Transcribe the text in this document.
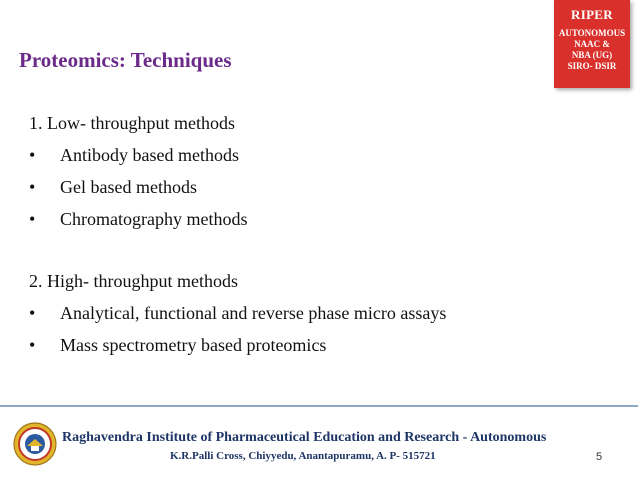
RIPER
AUTONOMOUS
NAAC &
NBA (UG)
SIRO- DSIR
Proteomics: Techniques
1. Low- throughput methods
• Antibody based methods
• Gel based methods
• Chromatography methods
2. High- throughput methods
• Analytical, functional and reverse phase micro assays
• Mass spectrometry based proteomics
Raghavendra Institute of Pharmaceutical Education and Research - Autonomous
K.R.Palli Cross, Chiyyedu, Anantapuramu, A. P- 515721	5
